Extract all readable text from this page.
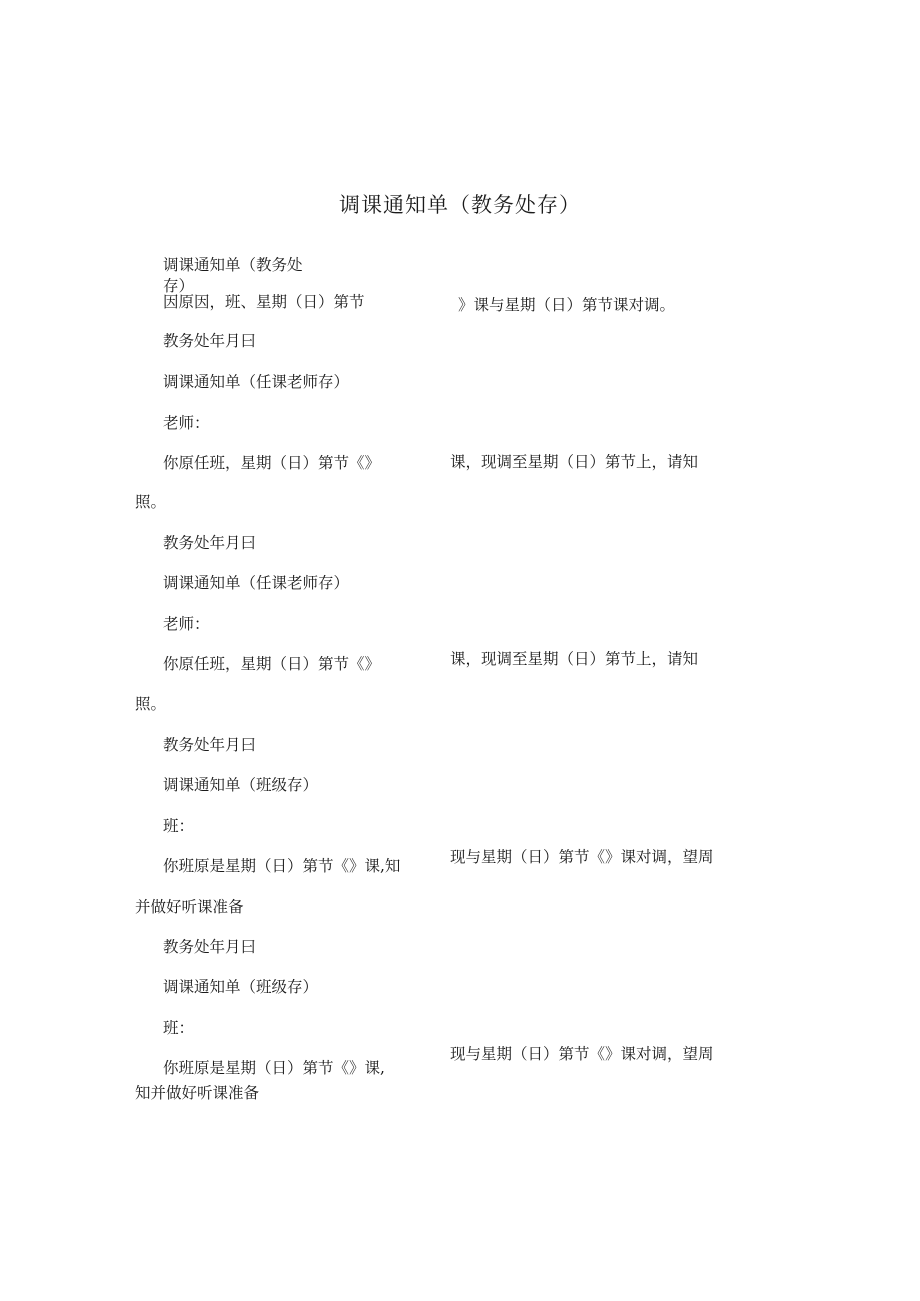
调课通知单（教务处存）
调课通知单（教务处
存）
因原因，班、星期（日）第节	》课与星期（日）第节课对调。
教务处年月曰
调课通知单（任课老师存）
老师：
你原任班，星期（日）第节《》	课，现调至星期（日）第节上，请知
照。
教务处年月曰
调课通知单（任课老师存）
老师：
你原任班，星期（日）第节《》	课，现调至星期（日）第节上，请知
照。
教务处年月曰
调课通知单（班级存）
班：
你班原是星期（日）第节《》课,知	现与星期（日）第节《》课对调，望周
并做好听课准备
教务处年月曰
调课通知单（班级存）
班：
你班原是星期（日）第节《》课,
现与星期（日）第节《》课对调，望周
知并做好听课准备
